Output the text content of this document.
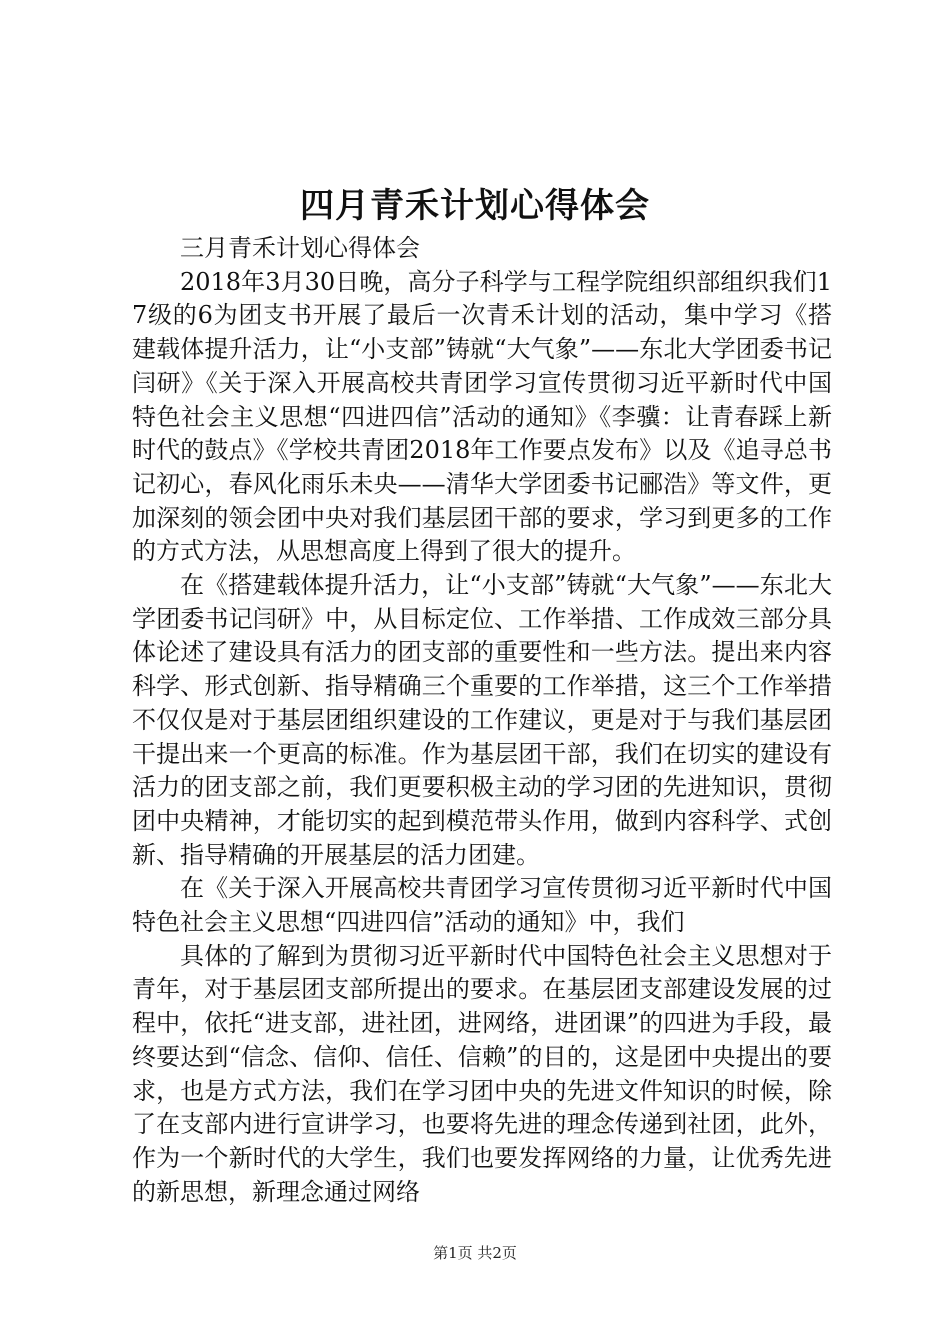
四月青禾计划心得体会

三月青禾计划心得体会

2018年3月30日晚，高分子科学与工程学院组织部组织我们17级的6为团支书开展了最后一次青禾计划的活动，集中学习《搭建载体提升活力，让“小支部”铸就“大气象”——东北大学团委书记闫研》《关于深入开展高校共青团学习宣传贯彻习近平新时代中国特色社会主义思想“四进四信”活动的通知》《李骥：让青春踩上新时代的鼓点》《学校共青团2018年工作要点发布》以及《追寻总书记初心，春风化雨乐未央——清华大学团委书记郦浩》等文件，更加深刻的领会团中央对我们基层团干部的要求，学习到更多的工作的方式方法，从思想高度上得到了很大的提升。

在《搭建载体提升活力，让“小支部”铸就“大气象”——东北大学团委书记闫研》中，从目标定位、工作举措、工作成效三部分具体论述了建设具有活力的团支部的重要性和一些方法。提出来内容科学、形式创新、指导精确三个重要的工作举措，这三个工作举措不仅仅是对于基层团组织建设的工作建议，更是对于与我们基层团干提出来一个更高的标准。作为基层团干部，我们在切实的建设有活力的团支部之前，我们更要积极主动的学习团的先进知识，贯彻团中央精神，才能切实的起到模范带头作用，做到内容科学、式创新、指导精确的开展基层的活力团建。

在《关于深入开展高校共青团学习宣传贯彻习近平新时代中国特色社会主义思想“四进四信”活动的通知》中，我们

具体的了解到为贯彻习近平新时代中国特色社会主义思想对于青年，对于基层团支部所提出的要求。在基层团支部建设发展的过程中，依托“进支部，进社团，进网络，进团课”的四进为手段，最终要达到“信念、信仰、信任、信赖”的目的，这是团中央提出的要求，也是方式方法，我们在学习团中央的先进文件知识的时候，除了在支部内进行宣讲学习，也要将先进的理念传递到社团，此外，作为一个新时代的大学生，我们也要发挥网络的力量，让优秀先进的新思想，新理念通过网络

第1页 共2页
